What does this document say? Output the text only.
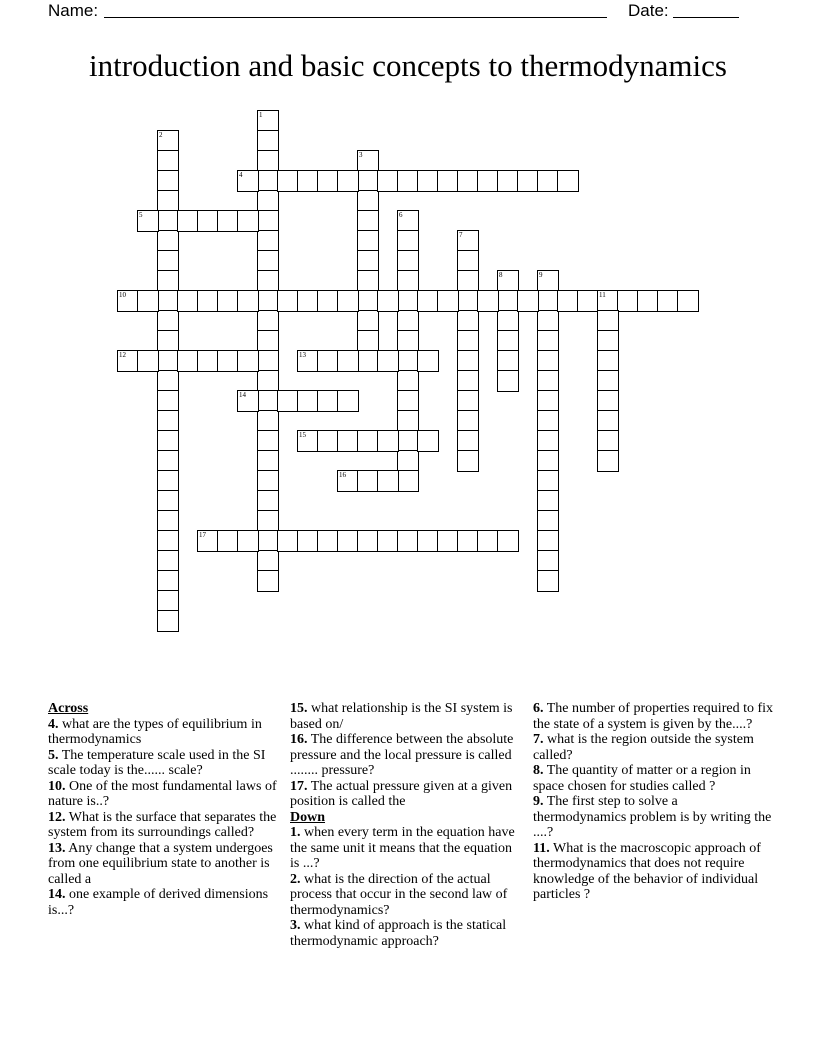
Name:	Date:
introduction and basic concepts to thermodynamics
1
2
3
4
5	6
7
8	9
10	11
12	13
14
15
16
17

Across

4. what are the types of equilibrium in thermodynamics

5. The temperature scale used in the SI scale today is the...... scale?

10. One of the most fundamental laws of nature is..?

12. What is the surface that separates the system from its surroundings called?

13. Any change that a system undergoes from one equilibrium state to another is called a

14. one example of derived dimensions is...?

15. what relationship is the SI system is based on/

16. The difference between the absolute pressure and the local pressure is called ........ pressure?

17. The actual pressure given at a given position is called the

Down

1. when every term in the equation have the same unit it means that the equation is ...?

2. what is the direction of the actual process that occur in the second law of thermodynamics?

3. what kind of approach is the statical thermodynamic approach?

6. The number of properties required to fix the state of a system is given by the....?

7. what is the region outside the system called?

8. The quantity of matter or a region in space chosen for studies called ?

9. The first step to solve a thermodynamics problem is by writing the ....?

11. What is the macroscopic approach of thermodynamics that does not require knowledge of the behavior of individual particles ?
